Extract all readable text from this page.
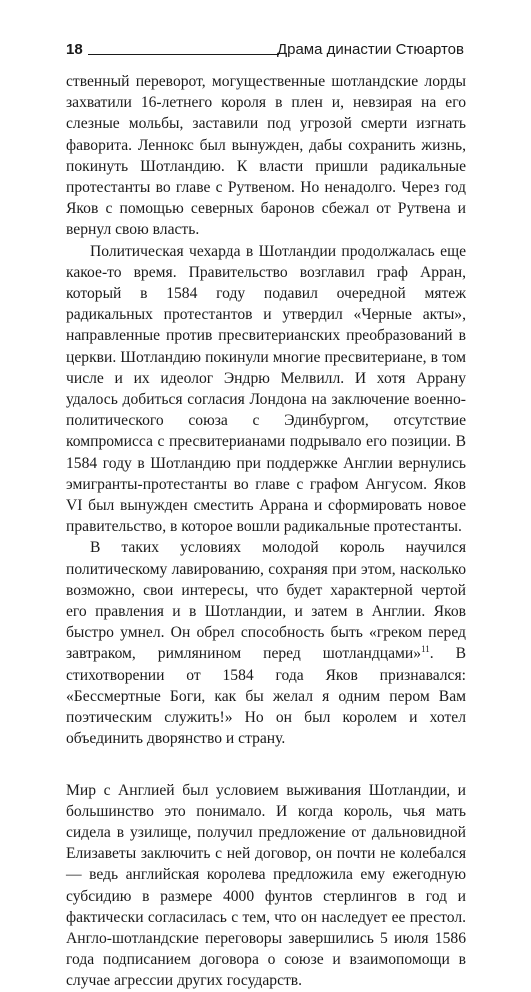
18	Драма династии Стюартов

ственный переворот, могущественные шотландские лорды захватили 16-летнего короля в плен и, невзирая на его слезные мольбы, заставили под угрозой смерти изгнать фаворита. Леннокс был вынужден, дабы сохранить жизнь, покинуть Шотландию. К власти пришли радикальные протестанты во главе с Рутвеном. Но ненадолго. Через год Яков с помощью северных баронов сбежал от Рутвена и вернул свою власть.

Политическая чехарда в Шотландии продолжалась еще какое-то время. Правительство возглавил граф Арран, который в 1584 году подавил очередной мятеж радикальных протестантов и утвердил «Черные акты», направленные против пресвитерианских преобразований в церкви. Шотландию покинули многие пресвитериане, в том числе и их идеолог Эндрю Мелвилл. И хотя Аррану удалось добиться согласия Лондона на заключение военно-политического союза с Эдинбургом, отсутствие компромисса с пресвитерианами подрывало его позиции. В 1584 году в Шотландию при поддержке Англии вернулись эмигранты-протестанты во главе с графом Ангусом. Яков VI был вынужден сместить Аррана и сформировать новое правительство, в которое вошли радикальные протестанты.

В таких условиях молодой король научился политическому лавированию, сохраняя при этом, насколько возможно, свои интересы, что будет характерной чертой его правления и в Шотландии, и затем в Англии. Яков быстро умнел. Он обрел способность быть «греком перед завтраком, римлянином перед шотландцами»$^{11}$. В стихотворении от 1584 года Яков признавался: «Бессмертные Боги, как бы желал я одним пером Вам поэтическим служить!» Но он был королем и хотел объединить дворянство и страну.

Мир с Англией был условием выживания Шотландии, и большинство это понимало. И когда король, чья мать сидела в узилище, получил предложение от дальновидной Елизаветы заключить с ней договор, он почти не колебался — ведь английская королева предложила ему ежегодную субсидию в размере 4000 фунтов стерлингов в год и фактически согласилась с тем, что он наследует ее престол. Англо-шотландские переговоры завершились 5 июля 1586 года подписанием договора о союзе и взаимопомощи в случае агрессии других государств.
